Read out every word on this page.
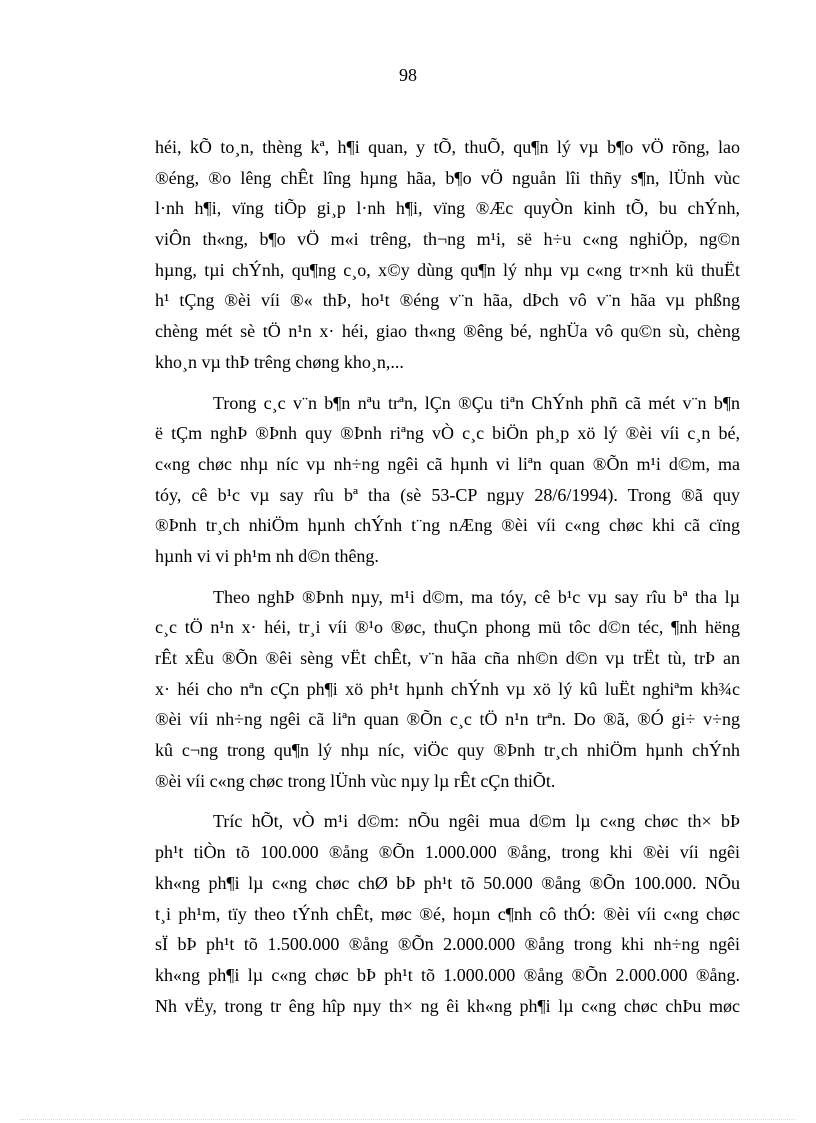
98
héi, kÕ to¸n, thèng kª, h¶i quan, y tÕ, thuÕ, qu¶n lý vµ b¶o vÖ rõng, lao
®éng, ®o lêng chÊt lîng hµng hãa, b¶o vÖ nguån lîi thñy s¶n, lÜnh vùc
l·nh h¶i, vïng tiÕp gi¸p l·nh h¶i, vïng ®Æc quyÒn kinh tÕ, bu chÝnh,
viÔn th«ng, b¶o vÖ m«i trêng, th¬ng m¹i, së h÷u c«ng nghiÖp, ng©n
hµng, tµi chÝnh, qu¶ng c¸o, x©y dùng qu¶n lý nhµ vµ c«ng tr×nh kü thuËt
h¹ tÇng ®èi víi ®« thÞ, ho¹t ®éng v¨n hãa, dÞch vô v¨n hãa vµ phßng
chèng mét sè tÖ n¹n x· héi, giao th«ng ®êng bé, nghÜa vô qu©n sù, chèng
kho¸n vµ thÞ trêng chøng kho¸n,...
Trong c¸c v¨n b¶n nªu trªn, lÇn ®Çu tiªn ChÝnh phñ cã mét v¨n b¶n
ë tÇm nghÞ ®Þnh quy ®Þnh riªng vÒ c¸c biÖn ph¸p xö lý ®èi víi c¸n bé,
c«ng chøc nhµ níc vµ nh÷ng ngêi cã hµnh vi liªn quan ®Õn m¹i d©m, ma
tóy, cê b¹c vµ say rîu bª tha (sè 53-CP ngµy 28/6/1994). Trong ®ã quy
®Þnh tr¸ch nhiÖm hµnh chÝnh t¨ng nÆng ®èi víi c«ng chøc khi cã cïng
hµnh vi vi ph¹m nh d©n thêng.
Theo nghÞ ®Þnh nµy, m¹i d©m, ma tóy, cê b¹c vµ say rîu bª tha lµ
c¸c tÖ n¹n x· héi, tr¸i víi ®¹o ®øc, thuÇn phong mü tôc d©n téc, ¶nh hëng
rÊt xÊu ®Õn ®êi sèng vËt chÊt, v¨n hãa cña nh©n d©n vµ trËt tù, trÞ an
x· héi cho nªn cÇn ph¶i xö ph¹t hµnh chÝnh vµ xö lý kû luËt nghiªm kh¾c
®èi víi nh÷ng ngêi cã liªn quan ®Õn c¸c tÖ n¹n trªn. Do ®ã, ®Ó gi÷ v÷ng
kû c¬ng trong qu¶n lý nhµ níc, viÖc quy ®Þnh tr¸ch nhiÖm hµnh chÝnh
®èi víi c«ng chøc trong lÜnh vùc nµy lµ rÊt cÇn thiÕt.
Tríc hÕt, vÒ m¹i d©m: nÕu ngêi mua d©m lµ c«ng chøc th× bÞ
ph¹t tiÒn tõ 100.000 ®ång ®Õn 1.000.000 ®ång, trong khi ®èi víi ngêi
kh«ng ph¶i lµ c«ng chøc chØ bÞ ph¹t tõ 50.000 ®ång ®Õn 100.000. NÕu
t¸i ph¹m, tïy theo tÝnh chÊt, møc ®é, hoµn c¶nh cô thÓ: ®èi víi c«ng chøc
sÏ bÞ ph¹t tõ 1.500.000 ®ång ®Õn 2.000.000 ®ång trong khi nh÷ng ngêi
kh«ng ph¶i lµ c«ng chøc bÞ ph¹t tõ 1.000.000 ®ång ®Õn 2.000.000 ®ång.
Nh vËy, trong tr êng hîp nµy th× ng êi kh«ng ph¶i lµ c«ng chøc chÞu møc
